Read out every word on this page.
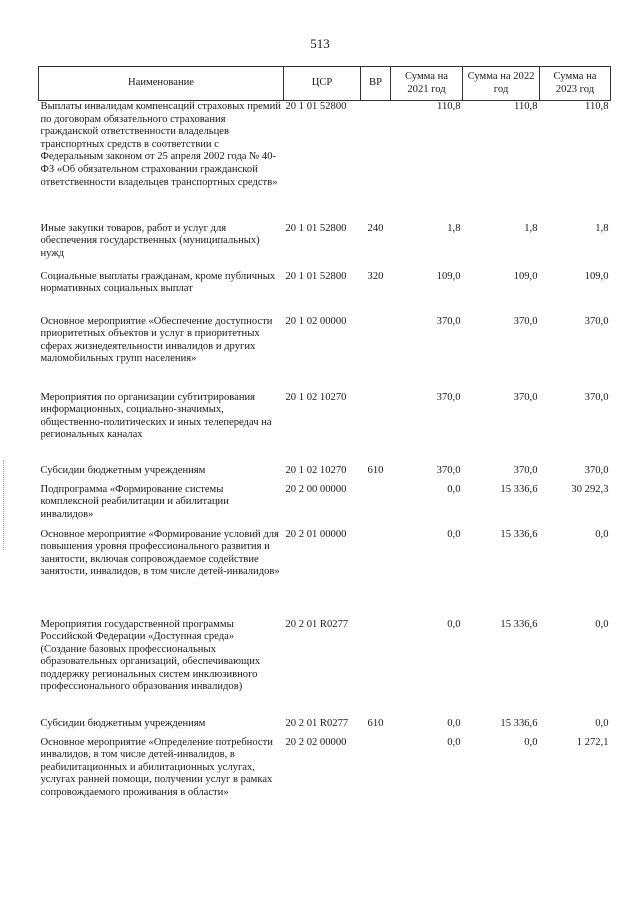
513
Наименование	ЦСР	ВР	Сумма на 2021 год	Сумма на 2022 год	Сумма на 2023 год
Выплаты инвалидам компенсаций страховых премий по договорам обязательного страхования гражданской ответственности владельцев транспортных средств в соответствии с Федеральным законом от 25 апреля 2002 года № 40-ФЗ «Об обязательном страховании гражданской ответственности владельцев транспортных средств»	20 1 01 52800		110,8	110,8	110,8
Иные закупки товаров, работ и услуг для обеспечения государственных (муниципальных) нужд	20 1 01 52800	240	1,8	1,8	1,8
Социальные выплаты гражданам, кроме публичных нормативных социальных выплат	20 1 01 52800	320	109,0	109,0	109,0
Основное мероприятие «Обеспечение доступности приоритетных объектов и услуг в приоритетных сферах жизнедеятельности инвалидов и других маломобильных групп населения»	20 1 02 00000		370,0	370,0	370,0
Мероприятия по организации субтитрирования информационных, социально-значимых, общественно-политических и иных телепередач на региональных каналах	20 1 02 10270		370,0	370,0	370,0
Субсидии бюджетным учреждениям	20 1 02 10270	610	370,0	370,0	370,0
Подпрограмма «Формирование системы комплексной реабилитации и абилитации инвалидов»	20 2 00 00000		0,0	15 336,6	30 292,3
Основное мероприятие «Формирование условий для повышения уровня профессионального развития и занятости, включая сопровождаемое содействие занятости, инвалидов, в том числе детей-инвалидов»	20 2 01 00000		0,0	15 336,6	0,0
Мероприятия государственной программы Российской Федерации «Доступная среда» (Создание базовых профессиональных образовательных организаций, обеспечивающих поддержку региональных систем инклюзивного профессионального образования инвалидов)	20 2 01 R0277		0,0	15 336,6	0,0
Субсидии бюджетным учреждениям	20 2 01 R0277	610	0,0	15 336,6	0,0
Основное мероприятие «Определение потребности инвалидов, в том числе детей-инвалидов, в реабилитационных и абилитационных услугах, услугах ранней помощи, получении услуг в рамках сопровождаемого проживания в области»	20 2 02 00000		0,0	0,0	1 272,1
